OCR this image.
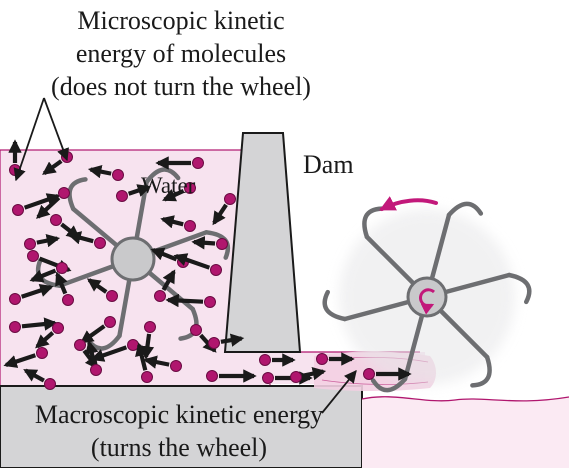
Microscopic kinetic
energy of molecules
(does not turn the wheel)
Dam
Water
Macroscopic kinetic energy
(turns the wheel)
